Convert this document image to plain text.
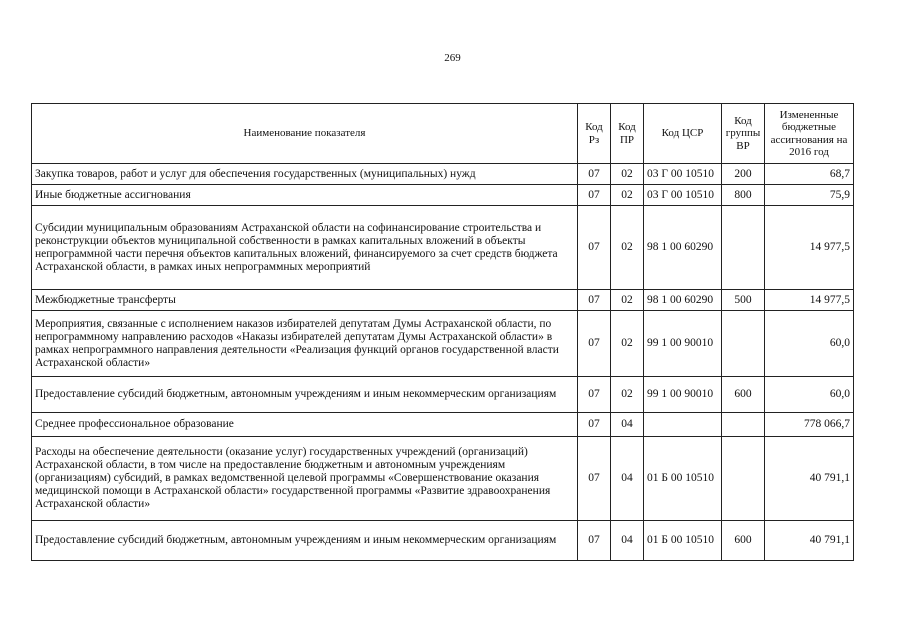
269
Наименование показателя	Код Рз	Код ПР	Код ЦСР	Код группы ВР	Измененные бюджетные ассигнования на 2016 год
Закупка товаров, работ и услуг для обеспечения государственных (муниципальных) нужд	07	02	03 Г 00 10510	200	68,7
Иные бюджетные ассигнования	07	02	03 Г 00 10510	800	75,9
Субсидии муниципальным образованиям Астраханской области на софинансирование строительства и реконструкции объектов муниципальной собственности в рамках капитальных вложений в объекты непрограммной части перечня объектов капитальных вложений, финансируемого за счет средств бюджета Астраханской области, в рамках иных непрограммных мероприятий	07	02	98 1 00 60290		14 977,5
Межбюджетные трансферты	07	02	98 1 00 60290	500	14 977,5
Мероприятия, связанные с исполнением наказов избирателей депутатам Думы Астраханской области, по непрограммному направлению расходов «Наказы избирателей депутатам Думы Астраханской области» в рамках непрограммного направления деятельности «Реализация функций органов государственной власти Астраханской области»	07	02	99 1 00 90010		60,0
Предоставление субсидий бюджетным, автономным учреждениям и иным некоммерческим организациям	07	02	99 1 00 90010	600	60,0
Среднее профессиональное образование	07	04			778 066,7
Расходы на обеспечение деятельности (оказание услуг) государственных учреждений (организаций) Астраханской области, в том числе на предоставление бюджетным и автономным учреждениям (организациям) субсидий, в рамках ведомственной целевой программы «Совершенствование оказания медицинской помощи в Астраханской области» государственной программы «Развитие здравоохранения Астраханской области»	07	04	01 Б 00 10510		40 791,1
Предоставление субсидий бюджетным, автономным учреждениям и иным некоммерческим организациям	07	04	01 Б 00 10510	600	40 791,1
